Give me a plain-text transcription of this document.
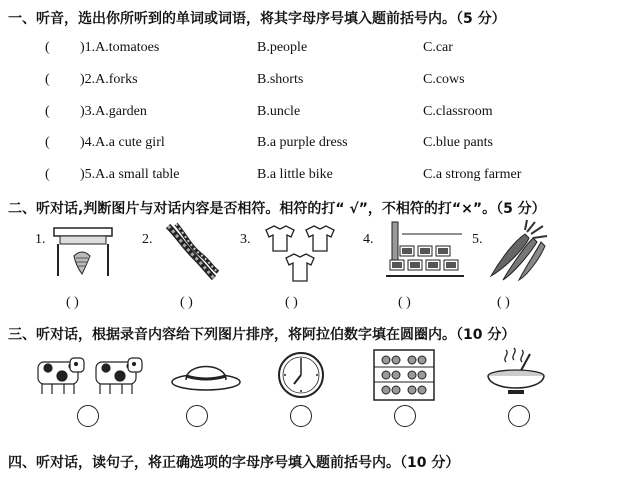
一、听音，选出你所听到的单词或词语，将其字母序号填入题前括号内。（5 分）
( )1.A.tomatoes	B.people	C.car
( )2.A.forks	B.shorts	C.cows
( )3.A.garden	B.uncle	C.classroom
( )4.A.a cute girl	B.a purple dress	C.blue pants
( )5.A.a small table	B.a little bike	C.a strong farmer
二、听对话,判断图片与对话内容是否相符。相符的打“ √”，不相符的打“×”。（5 分）
1.
( )
2.
( )
3.
( )
4.
( )
5.
( )
三、听对话，根据录音内容给下列图片排序，将阿拉伯数字填在圆圈内。（10 分）
四、听对话，读句子，将正确选项的字母序号填入题前括号内。（10 分）
